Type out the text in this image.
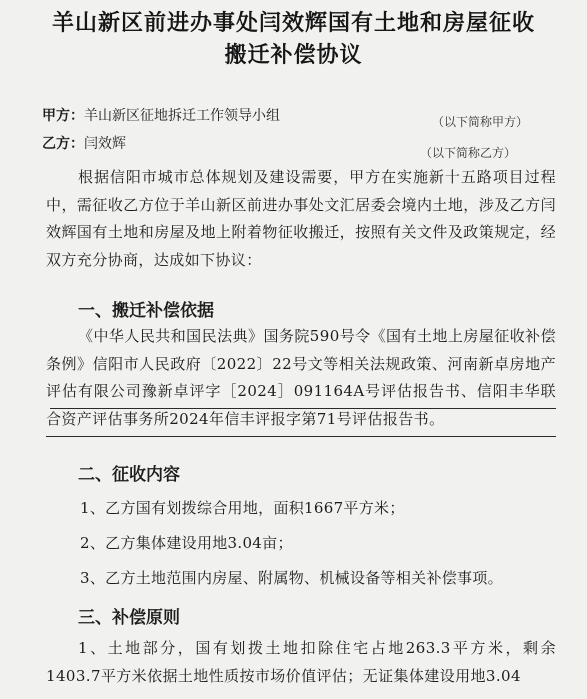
羊山新区前进办事处闫效辉国有土地和房屋征收
搬迁补偿协议
甲方：羊山新区征地拆迁工作领导小组	（以下简称甲方）
乙方：闫效辉
（以下简称乙方）
根据信阳市城市总体规划及建设需要，甲方在实施新十五路项目过程中，需征收乙方位于羊山新区前进办事处文汇居委会境内土地，涉及乙方闫效辉国有土地和房屋及地上附着物征收搬迁，按照有关文件及政策规定，经双方充分协商，达成如下协议：
一、搬迁补偿依据
《中华人民共和国民法典》国务院590号令《国有土地上房屋征收补偿条例》信阳市人民政府〔2022〕22号文等相关法规政策、河南新卓房地产评估有限公司豫新卓评字［2024］091164A号评估报告书、信阳丰华联合资产评估事务所2024年信丰评报字第71号评估报告书。
二、征收内容
1、乙方国有划拨综合用地，面积1667平方米；
2、乙方集体建设用地3.04亩；
3、乙方土地范围内房屋、附属物、机械设备等相关补偿事项。
三、补偿原则
1、土地部分，国有划拨土地扣除住宅占地263.3平方米，剩余1403.7平方米依据土地性质按市场价值评估；无证集体建设用地3.04
